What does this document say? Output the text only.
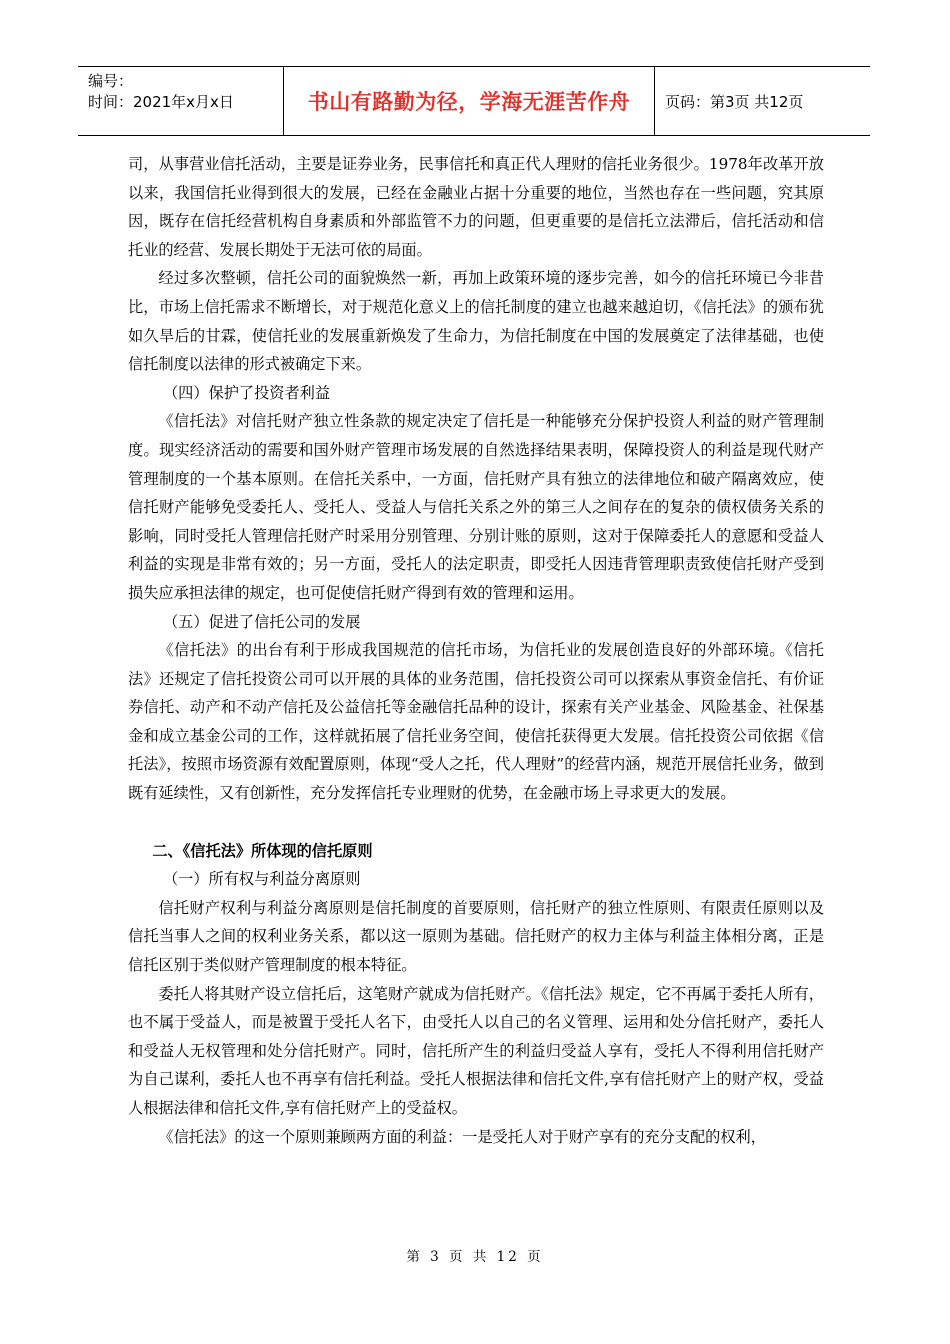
编号：
时间：2021年x月x日	书山有路勤为径，学海无涯苦作舟	页码：第3页 共12页

司，从事营业信托活动，主要是证券业务，民事信托和真正代人理财的信托业务很少。1978年改革开放以来，我国信托业得到很大的发展，已经在金融业占据十分重要的地位，当然也存在一些问题，究其原因，既存在信托经营机构自身素质和外部监管不力的问题，但更重要的是信托立法滞后，信托活动和信托业的经营、发展长期处于无法可依的局面。

经过多次整顿，信托公司的面貌焕然一新，再加上政策环境的逐步完善，如今的信托环境已今非昔比，市场上信托需求不断增长，对于规范化意义上的信托制度的建立也越来越迫切，《信托法》的颁布犹如久旱后的甘霖，使信托业的发展重新焕发了生命力，为信托制度在中国的发展奠定了法律基础，也使信托制度以法律的形式被确定下来。

（四）保护了投资者利益

《信托法》对信托财产独立性条款的规定决定了信托是一种能够充分保护投资人利益的财产管理制度。现实经济活动的需要和国外财产管理市场发展的自然选择结果表明，保障投资人的利益是现代财产管理制度的一个基本原则。在信托关系中，一方面，信托财产具有独立的法律地位和破产隔离效应，使信托财产能够免受委托人、受托人、受益人与信托关系之外的第三人之间存在的复杂的债权债务关系的影响，同时受托人管理信托财产时采用分别管理、分别计账的原则，这对于保障委托人的意愿和受益人利益的实现是非常有效的；另一方面，受托人的法定职责，即受托人因违背管理职责致使信托财产受到损失应承担法律的规定，也可促使信托财产得到有效的管理和运用。

（五）促进了信托公司的发展

《信托法》的出台有利于形成我国规范的信托市场，为信托业的发展创造良好的外部环境。《信托法》还规定了信托投资公司可以开展的具体的业务范围，信托投资公司可以探索从事资金信托、有价证券信托、动产和不动产信托及公益信托等金融信托品种的设计，探索有关产业基金、风险基金、社保基金和成立基金公司的工作，这样就拓展了信托业务空间，使信托获得更大发展。信托投资公司依据《信托法》，按照市场资源有效配置原则，体现“受人之托，代人理财”的经营内涵，规范开展信托业务，做到既有延续性，又有创新性，充分发挥信托专业理财的优势，在金融市场上寻求更大的发展。

二、《信托法》所体现的信托原则

（一）所有权与利益分离原则

信托财产权利与利益分离原则是信托制度的首要原则，信托财产的独立性原则、有限责任原则以及信托当事人之间的权利业务关系，都以这一原则为基础。信托财产的权力主体与利益主体相分离，正是信托区别于类似财产管理制度的根本特征。

委托人将其财产设立信托后，这笔财产就成为信托财产。《信托法》规定，它不再属于委托人所有，也不属于受益人，而是被置于受托人名下，由受托人以自己的名义管理、运用和处分信托财产，委托人和受益人无权管理和处分信托财产。同时，信托所产生的利益归受益人享有，受托人不得利用信托财产为自己谋利，委托人也不再享有信托利益。受托人根据法律和信托文件,享有信托财产上的财产权，受益人根据法律和信托文件,享有信托财产上的受益权。

《信托法》的这一个原则兼顾两方面的利益：一是受托人对于财产享有的充分支配的权利，

第 3 页 共 12 页
